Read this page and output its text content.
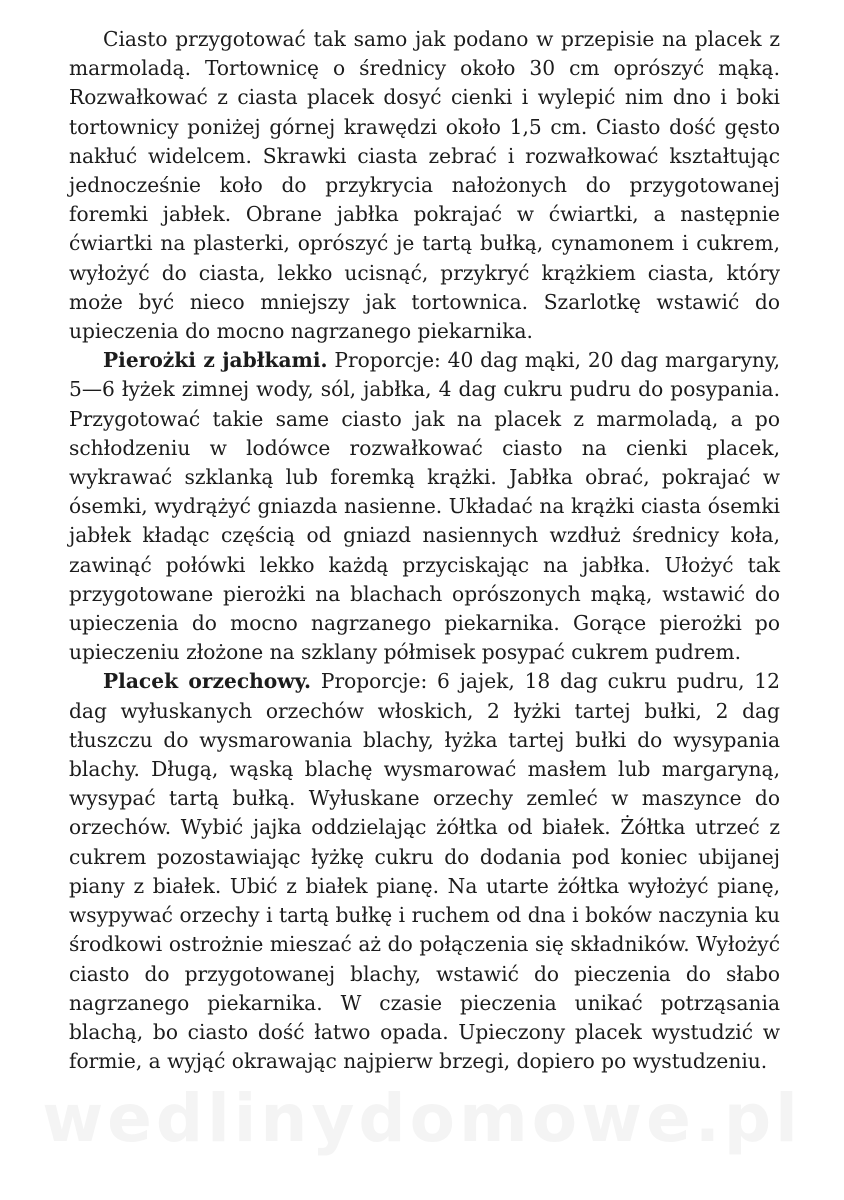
Ciasto przygotować tak samo jak podano w przepisie na placek z marmoladą. Tortownicę o średnicy około 30 cm oprószyć mąką. Rozwałkować z ciasta placek dosyć cienki i wylepić nim dno i boki tortownicy poniżej górnej krawędzi około 1,5 cm. Ciasto dość gęsto nakłuć widelcem. Skrawki ciasta zebrać i rozwałkować kształtując jednocześnie koło do przykrycia nałożonych do przygotowanej foremki jabłek. Obrane jabłka pokrajać w ćwiartki, a następnie ćwiartki na plasterki, oprószyć je tartą bułką, cynamonem i cukrem, wyłożyć do ciasta, lekko ucisnąć, przykryć krążkiem ciasta, który może być nieco mniejszy jak tortownica. Szarlotkę wstawić do upieczenia do mocno nagrzanego piekarnika.

Pierożki z jabłkami. Proporcje: 40 dag mąki, 20 dag margaryny, 5—6 łyżek zimnej wody, sól, jabłka, 4 dag cukru pudru do posypania. Przygotować takie same ciasto jak na placek z marmoladą, a po schłodzeniu w lodówce rozwałkować ciasto na cienki placek, wykrawać szklanką lub foremką krążki. Jabłka obrać, pokrajać w ósemki, wydrążyć gniazda nasienne. Układać na krążki ciasta ósemki jabłek kładąc częścią od gniazd nasiennych wzdłuż średnicy koła, zawinąć połówki lekko każdą przyciskając na jabłka. Ułożyć tak przygotowane pierożki na blachach oprószonych mąką, wstawić do upieczenia do mocno nagrzanego piekarnika. Gorące pierożki po upieczeniu złożone na szklany półmisek posypać cukrem pudrem.

Placek orzechowy. Proporcje: 6 jajek, 18 dag cukru pudru, 12 dag wyłuskanych orzechów włoskich, 2 łyżki tartej bułki, 2 dag tłuszczu do wysmarowania blachy, łyżka tartej bułki do wysypania blachy. Długą, wąską blachę wysmarować masłem lub margaryną, wysypać tartą bułką. Wyłuskane orzechy zemleć w maszynce do orzechów. Wybić jajka oddzielając żółtka od białek. Żółtka utrzeć z cukrem pozostawiając łyżkę cukru do dodania pod koniec ubijanej piany z białek. Ubić z białek pianę. Na utarte żółtka wyłożyć pianę, wsypywać orzechy i tartą bułkę i ruchem od dna i boków naczynia ku środkowi ostrożnie mieszać aż do połączenia się składników. Wyłożyć ciasto do przygotowanej blachy, wstawić do pieczenia do słabo nagrzanego piekarnika. W czasie pieczenia unikać potrząsania blachą, bo ciasto dość łatwo opada. Upieczony placek wystudzić w formie, a wyjąć okrawając najpierw brzegi, dopiero po wystudzeniu.

wedlinydomowe.pl
